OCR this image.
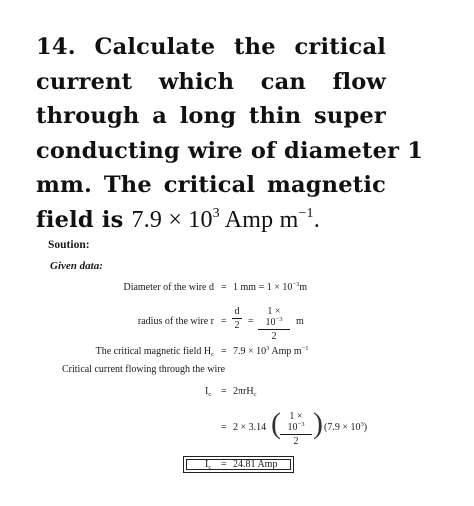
14. Calculate the critical
current which can flow
through a long thin super
conducting wire of diameter 1
mm. The critical magnetic
field is $7.9 \times 10^3$ Amp $m^{-1}$.
Soution:
Given data:
Diameter of the wire d = 1 mm = $1 \times 10^{-3}m$
radius of the wire $r = \frac{d}{2} = \frac{1 \times 10^{-3}}{2}$ m
The critical magnetic field $H_c = 7.9 \times 10^3$ Amp $m^{-1}$
Critical current flowing through the wire
$I_c = 2\pi rH_c$
= 2 × 3.14 ( $\frac{1 \times 10^{-3}}{2}$ ) $(7.9 \times 10^3)$
$I_c = 24.81$ Amp
